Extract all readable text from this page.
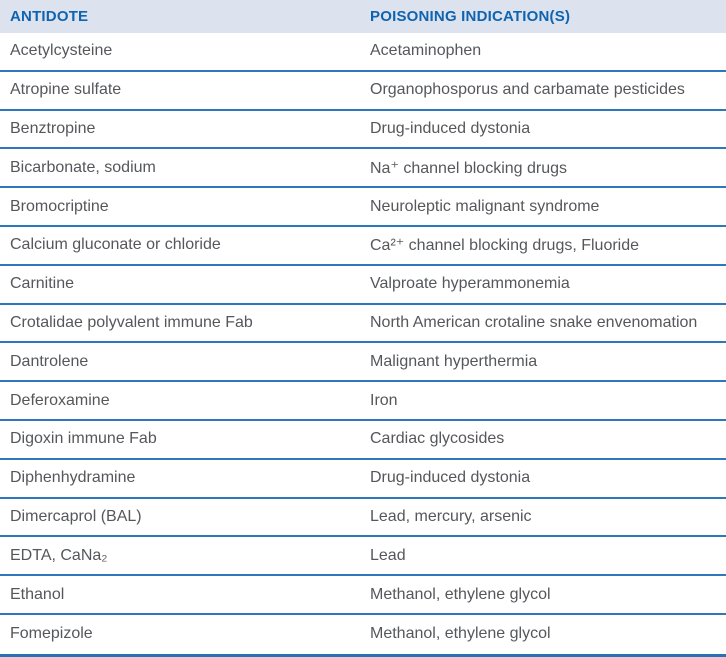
ANTIDOTE	POISONING INDICATION(S)
Acetylcysteine	Acetaminophen
Atropine sulfate	Organophosporus and carbamate pesticides
Benztropine	Drug-induced dystonia
Bicarbonate, sodium	Na⁺ channel blocking drugs
Bromocriptine	Neuroleptic malignant syndrome
Calcium gluconate or chloride	Ca²⁺ channel blocking drugs, Fluoride
Carnitine	Valproate hyperammonemia
Crotalidae polyvalent immune Fab	North American crotaline snake envenomation
Dantrolene	Malignant hyperthermia
Deferoxamine	Iron
Digoxin immune Fab	Cardiac glycosides
Diphenhydramine	Drug-induced dystonia
Dimercaprol (BAL)	Lead, mercury, arsenic
EDTA, CaNa₂	Lead
Ethanol	Methanol, ethylene glycol
Fomepizole	Methanol, ethylene glycol
